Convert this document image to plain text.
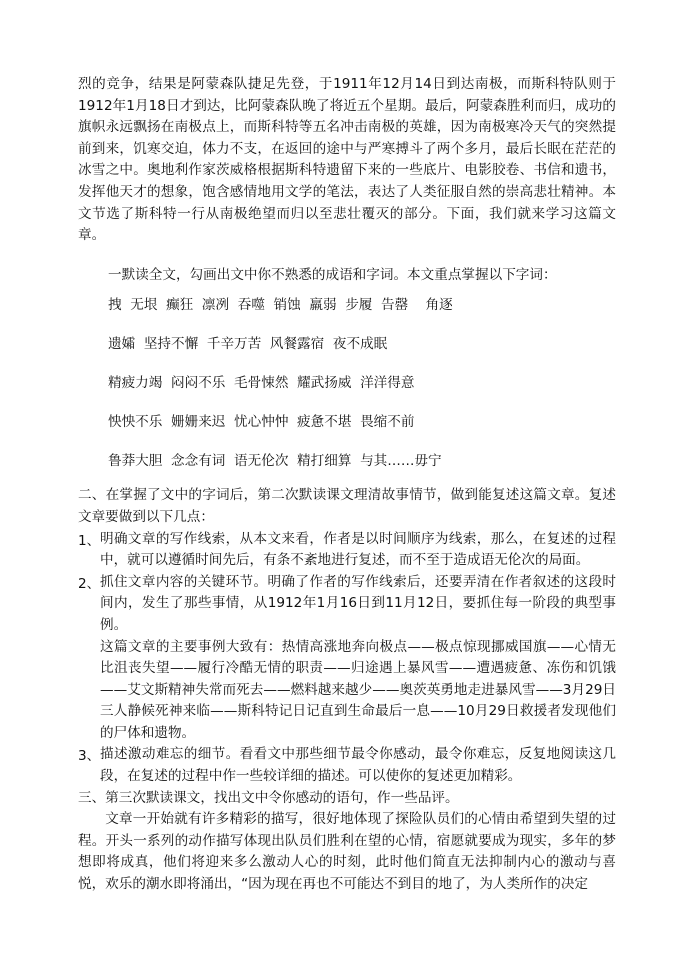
烈的竞争，结果是阿蒙森队捷足先登，于1911年12月14日到达南极，而斯科特队则于1912年1月18日才到达，比阿蒙森队晚了将近五个星期。最后，阿蒙森胜利而归，成功的旗帜永远飘扬在南极点上，而斯科特等五名冲击南极的英雄，因为南极寒冷天气的突然提前到来，饥寒交迫，体力不支，在返回的途中与严寒搏斗了两个多月，最后长眠在茫茫的冰雪之中。奥地利作家茨威格根据斯科特遗留下来的一些底片、电影胶卷、书信和遗书，发挥他天才的想象，饱含感情地用文学的笔法，表达了人类征服自然的崇高悲壮精神。本文节选了斯科特一行从南极绝望而归以至悲壮覆灭的部分。下面，我们就来学习这篇文章。

一默读全文，勾画出文中你不熟悉的成语和字词。本文重点掌握以下字词：

拽  无垠  癫狂  凛冽  吞噬  销蚀  羸弱  步履  告罄    角逐
遗孀  坚持不懈  千辛万苦  风餐露宿  夜不成眠
精疲力竭  闷闷不乐  毛骨悚然  耀武扬威  洋洋得意
怏怏不乐  姗姗来迟  忧心忡忡  疲惫不堪  畏缩不前
鲁莽大胆  念念有词  语无伦次  精打细算  与其……毋宁

二、在掌握了文中的字词后，第二次默读课文理清故事情节，做到能复述这篇文章。复述文章要做到以下几点：

1、 明确文章的写作线索，从本文来看，作者是以时间顺序为线索，那么，在复述的过程中，就可以遵循时间先后，有条不紊地进行复述，而不至于造成语无伦次的局面。

2、 抓住文章内容的关键环节。明确了作者的写作线索后，还要弄清在作者叙述的这段时间内，发生了那些事情，从1912年1月16日到11月12日，要抓住每一阶段的典型事例。

这篇文章的主要事例大致有：热情高涨地奔向极点——极点惊现挪威国旗——心情无比沮丧失望——履行冷酷无情的职责——归途遇上暴风雪——遭遇疲惫、冻伤和饥饿——艾文斯精神失常而死去——燃料越来越少——奥茨英勇地走进暴风雪——3月29日三人静候死神来临——斯科特记日记直到生命最后一息——10月29日救援者发现他们的尸体和遗物。

3、 描述激动难忘的细节。看看文中那些细节最令你感动，最令你难忘，反复地阅读这几段，在复述的过程中作一些较详细的描述。可以使你的复述更加精彩。

三、第三次默读课文，找出文中令你感动的语句，作一些品评。

文章一开始就有许多精彩的描写，很好地体现了探险队员们的心情由希望到失望的过程。开头一系列的动作描写体现出队员们胜利在望的心情，宿愿就要成为现实，多年的梦想即将成真，他们将迎来多么激动人心的时刻，此时他们简直无法抑制内心的激动与喜悦，欢乐的潮水即将涌出，“因为现在再也不可能达不到目的地了，为人类所作的决定
